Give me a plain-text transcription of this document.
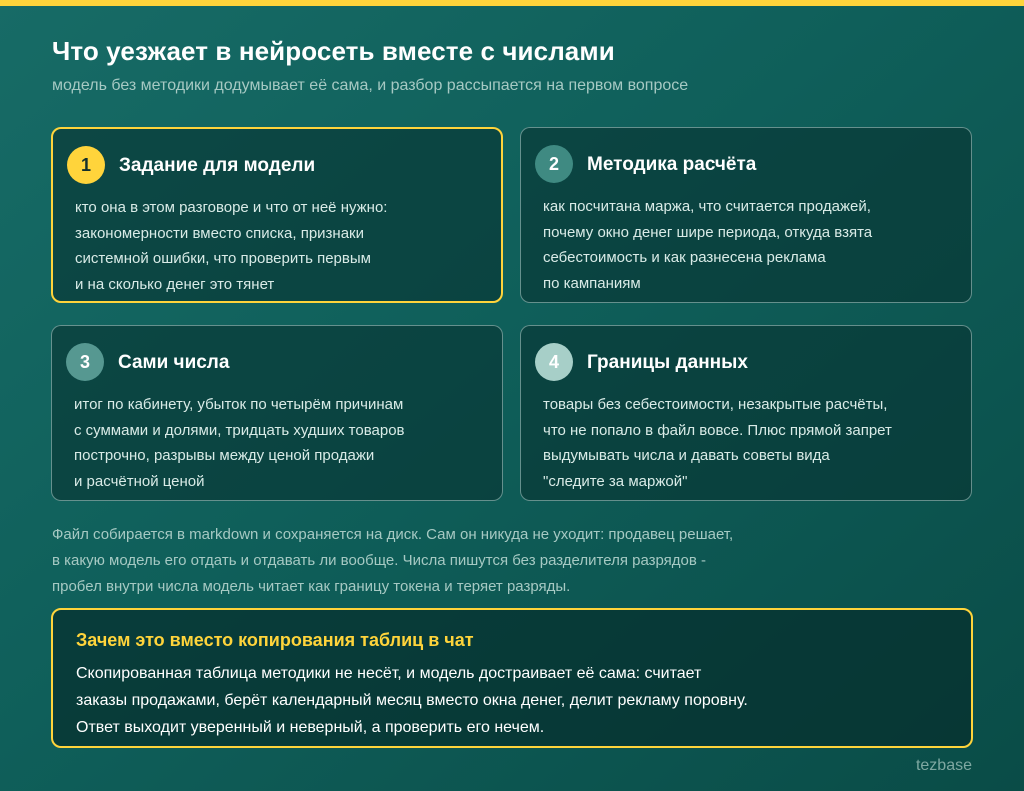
Что уезжает в нейросеть вместе с числами

модель без методики додумывает её сама, и разбор рассыпается на первом вопросе

1	Задание для модели
кто она в этом разговоре и что от неё нужно:
закономерности вместо списка, признаки
системной ошибки, что проверить первым
и на сколько денег это тянет
2	Методика расчёта
как посчитана маржа, что считается продажей,
почему окно денег шире периода, откуда взята
себестоимость и как разнесена реклама
по кампаниям
3	Сами числа
итог по кабинету, убыток по четырём причинам
с суммами и долями, тридцать худших товаров
построчно, разрывы между ценой продажи
и расчётной ценой
4	Границы данных
товары без себестоимости, незакрытые расчёты,
что не попало в файл вовсе. Плюс прямой запрет
выдумывать числа и давать советы вида
"следите за маржой"
Файл собирается в markdown и сохраняется на диск. Сам он никуда не уходит: продавец решает,
в какую модель его отдать и отдавать ли вообще. Числа пишутся без разделителя разрядов -
пробел внутри числа модель читает как границу токена и теряет разряды.
Зачем это вместо копирования таблиц в чат
Скопированная таблица методики не несёт, и модель достраивает её сама: считает
заказы продажами, берёт календарный месяц вместо окна денег, делит рекламу поровну.
Ответ выходит уверенный и неверный, а проверить его нечем.
tezbase
